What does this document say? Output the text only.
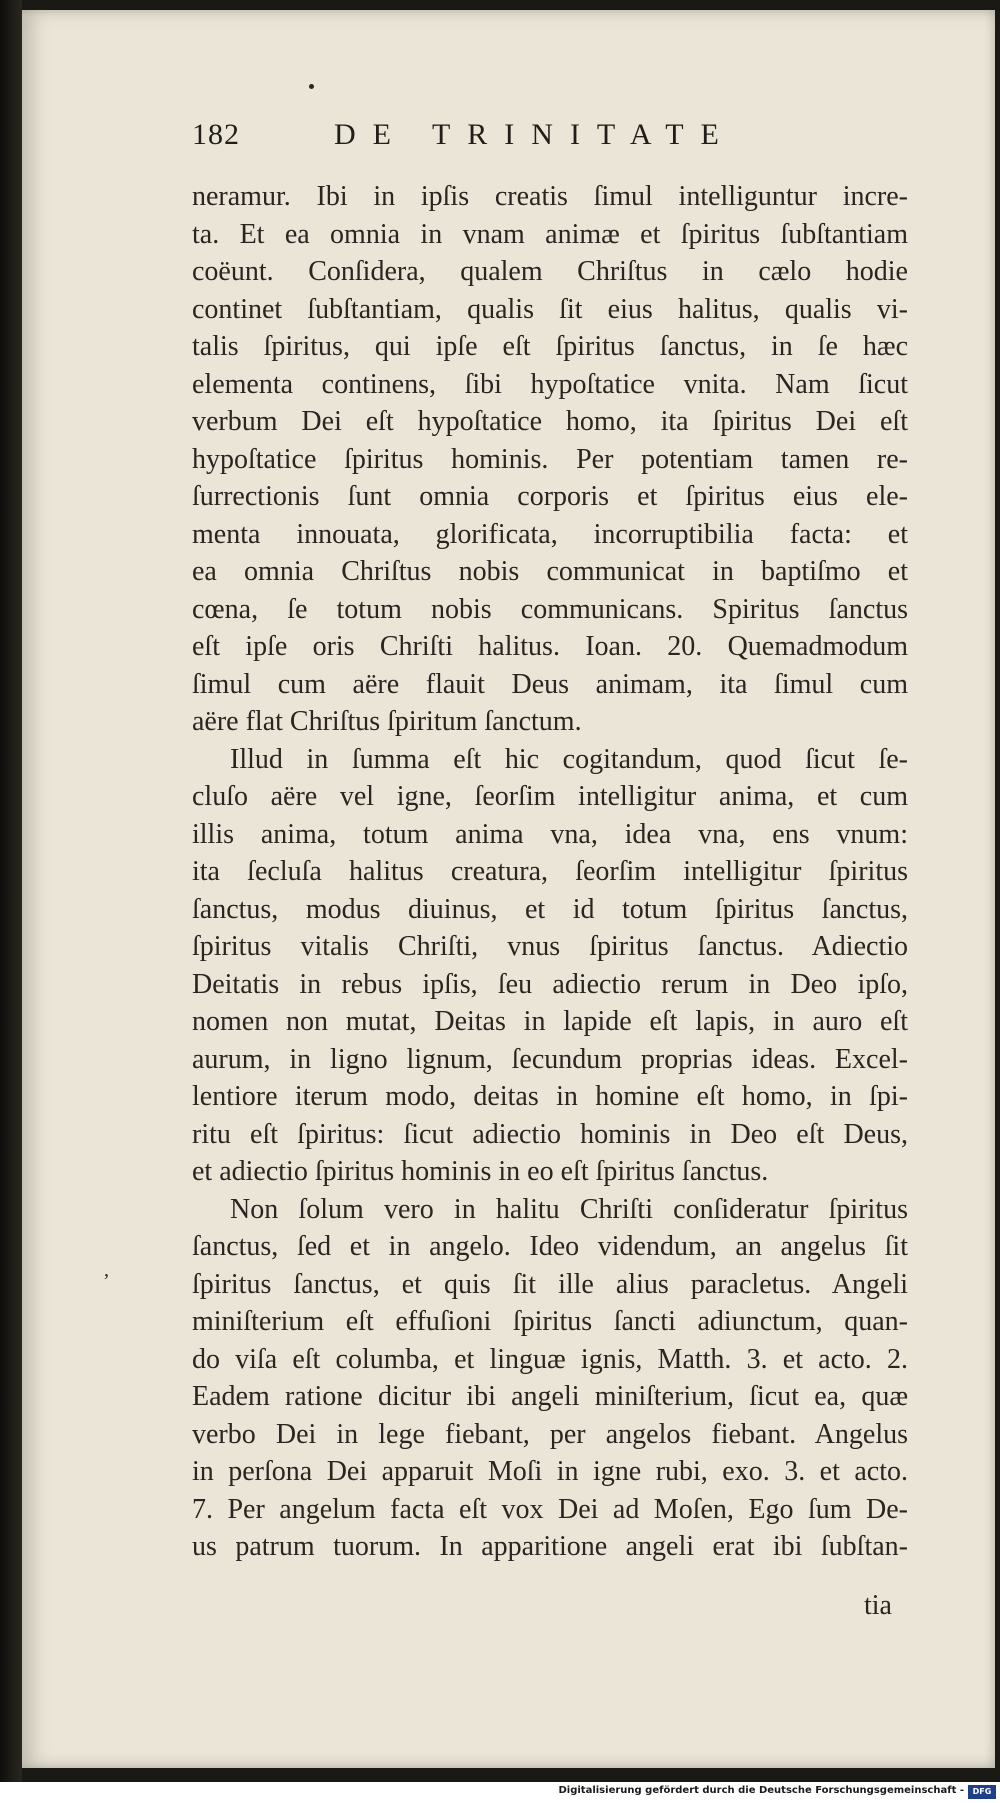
182	DE TRINITATE
,
neramur. Ibi in ipſis creatis ſimul intelliguntur incre-
ta. Et ea omnia in vnam animæ et ſpiritus ſubſtantiam
coëunt. Conſidera, qualem Chriſtus in cælo hodie
continet ſubſtantiam, qualis ſit eius halitus, qualis vi-
talis ſpiritus, qui ipſe eſt ſpiritus ſanctus, in ſe hæc
elementa continens, ſibi hypoſtatice vnita. Nam ſicut
verbum Dei eſt hypoſtatice homo, ita ſpiritus Dei eſt
hypoſtatice ſpiritus hominis. Per potentiam tamen re-
ſurrectionis ſunt omnia corporis et ſpiritus eius ele-
menta innouata, glorificata, incorruptibilia facta: et
ea omnia Chriſtus nobis communicat in baptiſmo et
cœna, ſe totum nobis communicans. Spiritus ſanctus
eſt ipſe oris Chriſti halitus. Ioan. 20. Quemadmodum
ſimul cum aëre flauit Deus animam, ita ſimul cum
aëre flat Chriſtus ſpiritum ſanctum.
Illud in ſumma eſt hic cogitandum, quod ſicut ſe-
cluſo aëre vel igne, ſeorſim intelligitur anima, et cum
illis anima, totum anima vna, idea vna, ens vnum:
ita ſecluſa halitus creatura, ſeorſim intelligitur ſpiritus
ſanctus, modus diuinus, et id totum ſpiritus ſanctus,
ſpiritus vitalis Chriſti, vnus ſpiritus ſanctus. Adiectio
Deitatis in rebus ipſis, ſeu adiectio rerum in Deo ipſo,
nomen non mutat, Deitas in lapide eſt lapis, in auro eſt
aurum, in ligno lignum, ſecundum proprias ideas. Excel-
lentiore iterum modo, deitas in homine eſt homo, in ſpi-
ritu eſt ſpiritus: ſicut adiectio hominis in Deo eſt Deus,
et adiectio ſpiritus hominis in eo eſt ſpiritus ſanctus.
Non ſolum vero in halitu Chriſti conſideratur ſpiritus
ſanctus, ſed et in angelo. Ideo videndum, an angelus ſit
ſpiritus ſanctus, et quis ſit ille alius paracletus. Angeli
miniſterium eſt effuſioni ſpiritus ſancti adiunctum, quan-
do viſa eſt columba, et linguæ ignis, Matth. 3. et acto. 2.
Eadem ratione dicitur ibi angeli miniſterium, ſicut ea, quæ
verbo Dei in lege fiebant, per angelos fiebant. Angelus
in perſona Dei apparuit Moſi in igne rubi, exo. 3. et acto.
7. Per angelum facta eſt vox Dei ad Moſen, Ego ſum De-
us patrum tuorum. In apparitione angeli erat ibi ſubſtan-
tia
Digitalisierung gefördert durch die Deutsche Forschungsgemeinschaft -	DFG
